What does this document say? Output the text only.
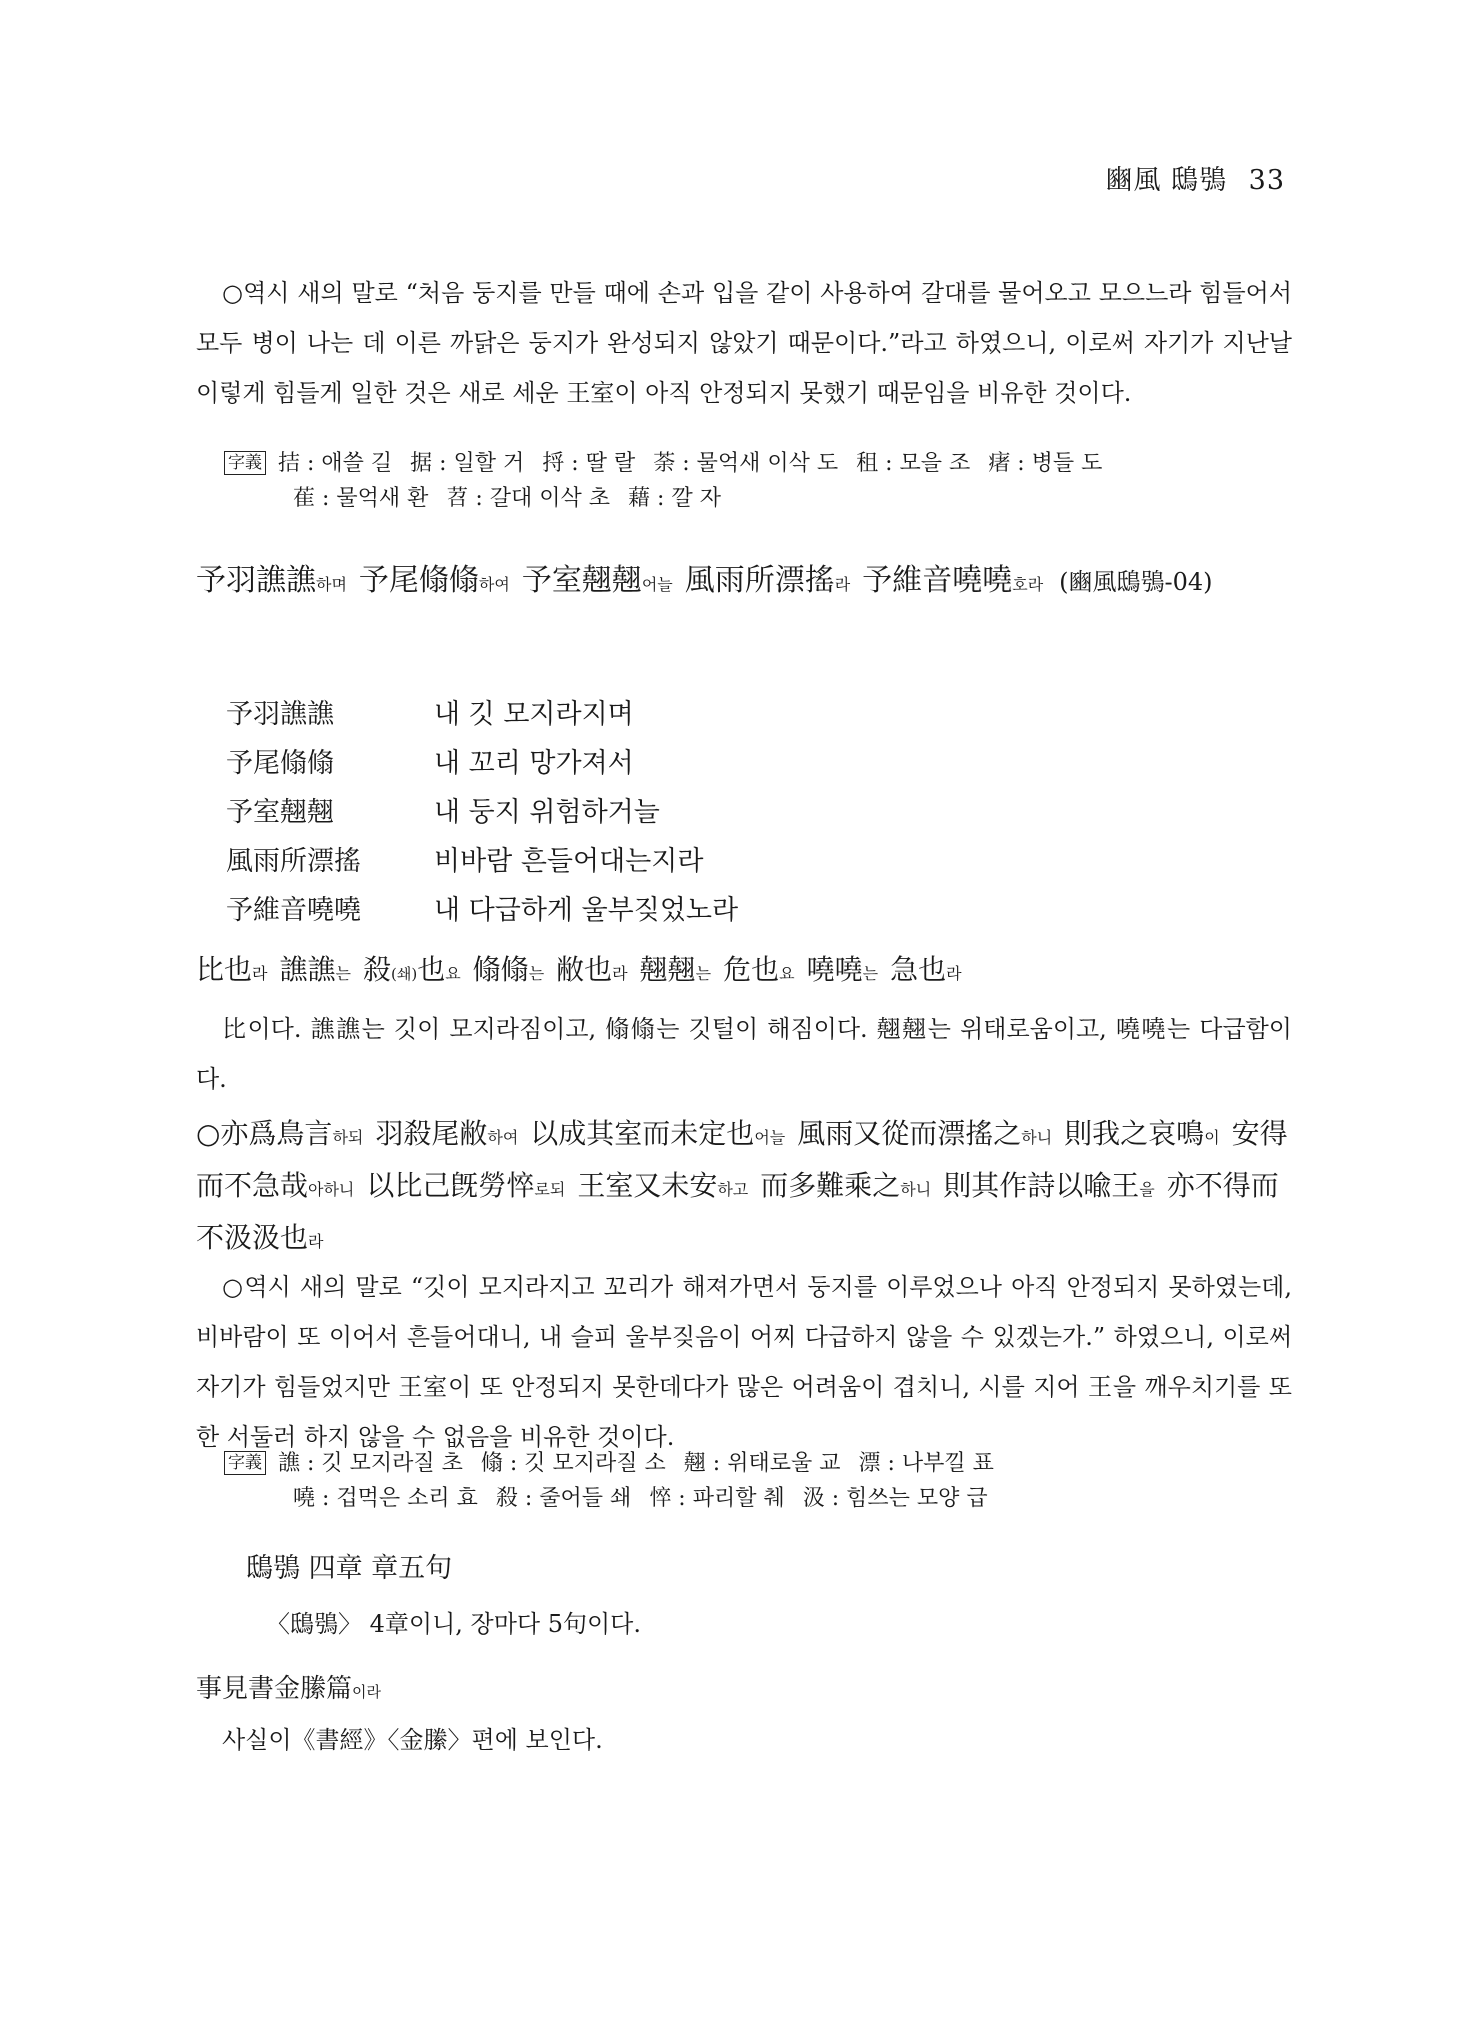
豳風 鴟鴞 33
○역시 새의 말로 “처음 둥지를 만들 때에 손과 입을 같이 사용하여 갈대를 물어오고 모으느라 힘들어서 모두 병이 나는 데 이른 까닭은 둥지가 완성되지 않았기 때문이다.”라고 하였으니, 이로써 자기가 지난날 이렇게 힘들게 일한 것은 새로 세운 王室이 아직 안정되지 못했기 때문임을 비유한 것이다.
字義 拮 : 애쓸 길 据 : 일할 거 捋 : 딸 랄 荼 : 물억새 이삭 도 租 : 모을 조 瘏 : 병들 도
萑 : 물억새 환 苕 : 갈대 이삭 초 藉 : 깔 자
予羽譙譙하며 予尾翛翛하여 予室翹翹어늘 風雨所漂搖라 予維音嘵嘵호라 (豳風鴟鴞-04)
予羽譙譙	내 깃 모지라지며
予尾翛翛	내 꼬리 망가져서
予室翹翹	내 둥지 위험하거늘
風雨所漂搖	비바람 흔들어대는지라
予維音嘵嘵	내 다급하게 울부짖었노라
比也라 譙譙는 殺(쇄)也요 翛翛는 敝也라 翹翹는 危也요 嘵嘵는 急也라
比이다. 譙譙는 깃이 모지라짐이고, 翛翛는 깃털이 해짐이다. 翹翹는 위태로움이고, 嘵嘵는 다급함이다.
○亦爲鳥言하되 羽殺尾敝하여 以成其室而未定也어늘 風雨又從而漂搖之하니 則我之哀鳴이 安得而不急哉아하니 以比己旣勞悴로되 王室又未安하고 而多難乘之하니 則其作詩以喩王을 亦不得而不汲汲也라
○역시 새의 말로 “깃이 모지라지고 꼬리가 해져가면서 둥지를 이루었으나 아직 안정되지 못하였는데, 비바람이 또 이어서 흔들어대니, 내 슬피 울부짖음이 어찌 다급하지 않을 수 있겠는가.” 하였으니, 이로써 자기가 힘들었지만 王室이 또 안정되지 못한데다가 많은 어려움이 겹치니, 시를 지어 王을 깨우치기를 또한 서둘러 하지 않을 수 없음을 비유한 것이다.
字義 譙 : 깃 모지라질 초 翛 : 깃 모지라질 소 翹 : 위태로울 교 漂 : 나부낄 표
嘵 : 겁먹은 소리 효 殺 : 줄어들 쇄 悴 : 파리할 췌 汲 : 힘쓰는 모양 급
鴟鴞 四章 章五句
〈鴟鴞〉 4章이니, 장마다 5句이다.
事見書金縢篇이라
사실이《書經》〈金縢〉편에 보인다.
